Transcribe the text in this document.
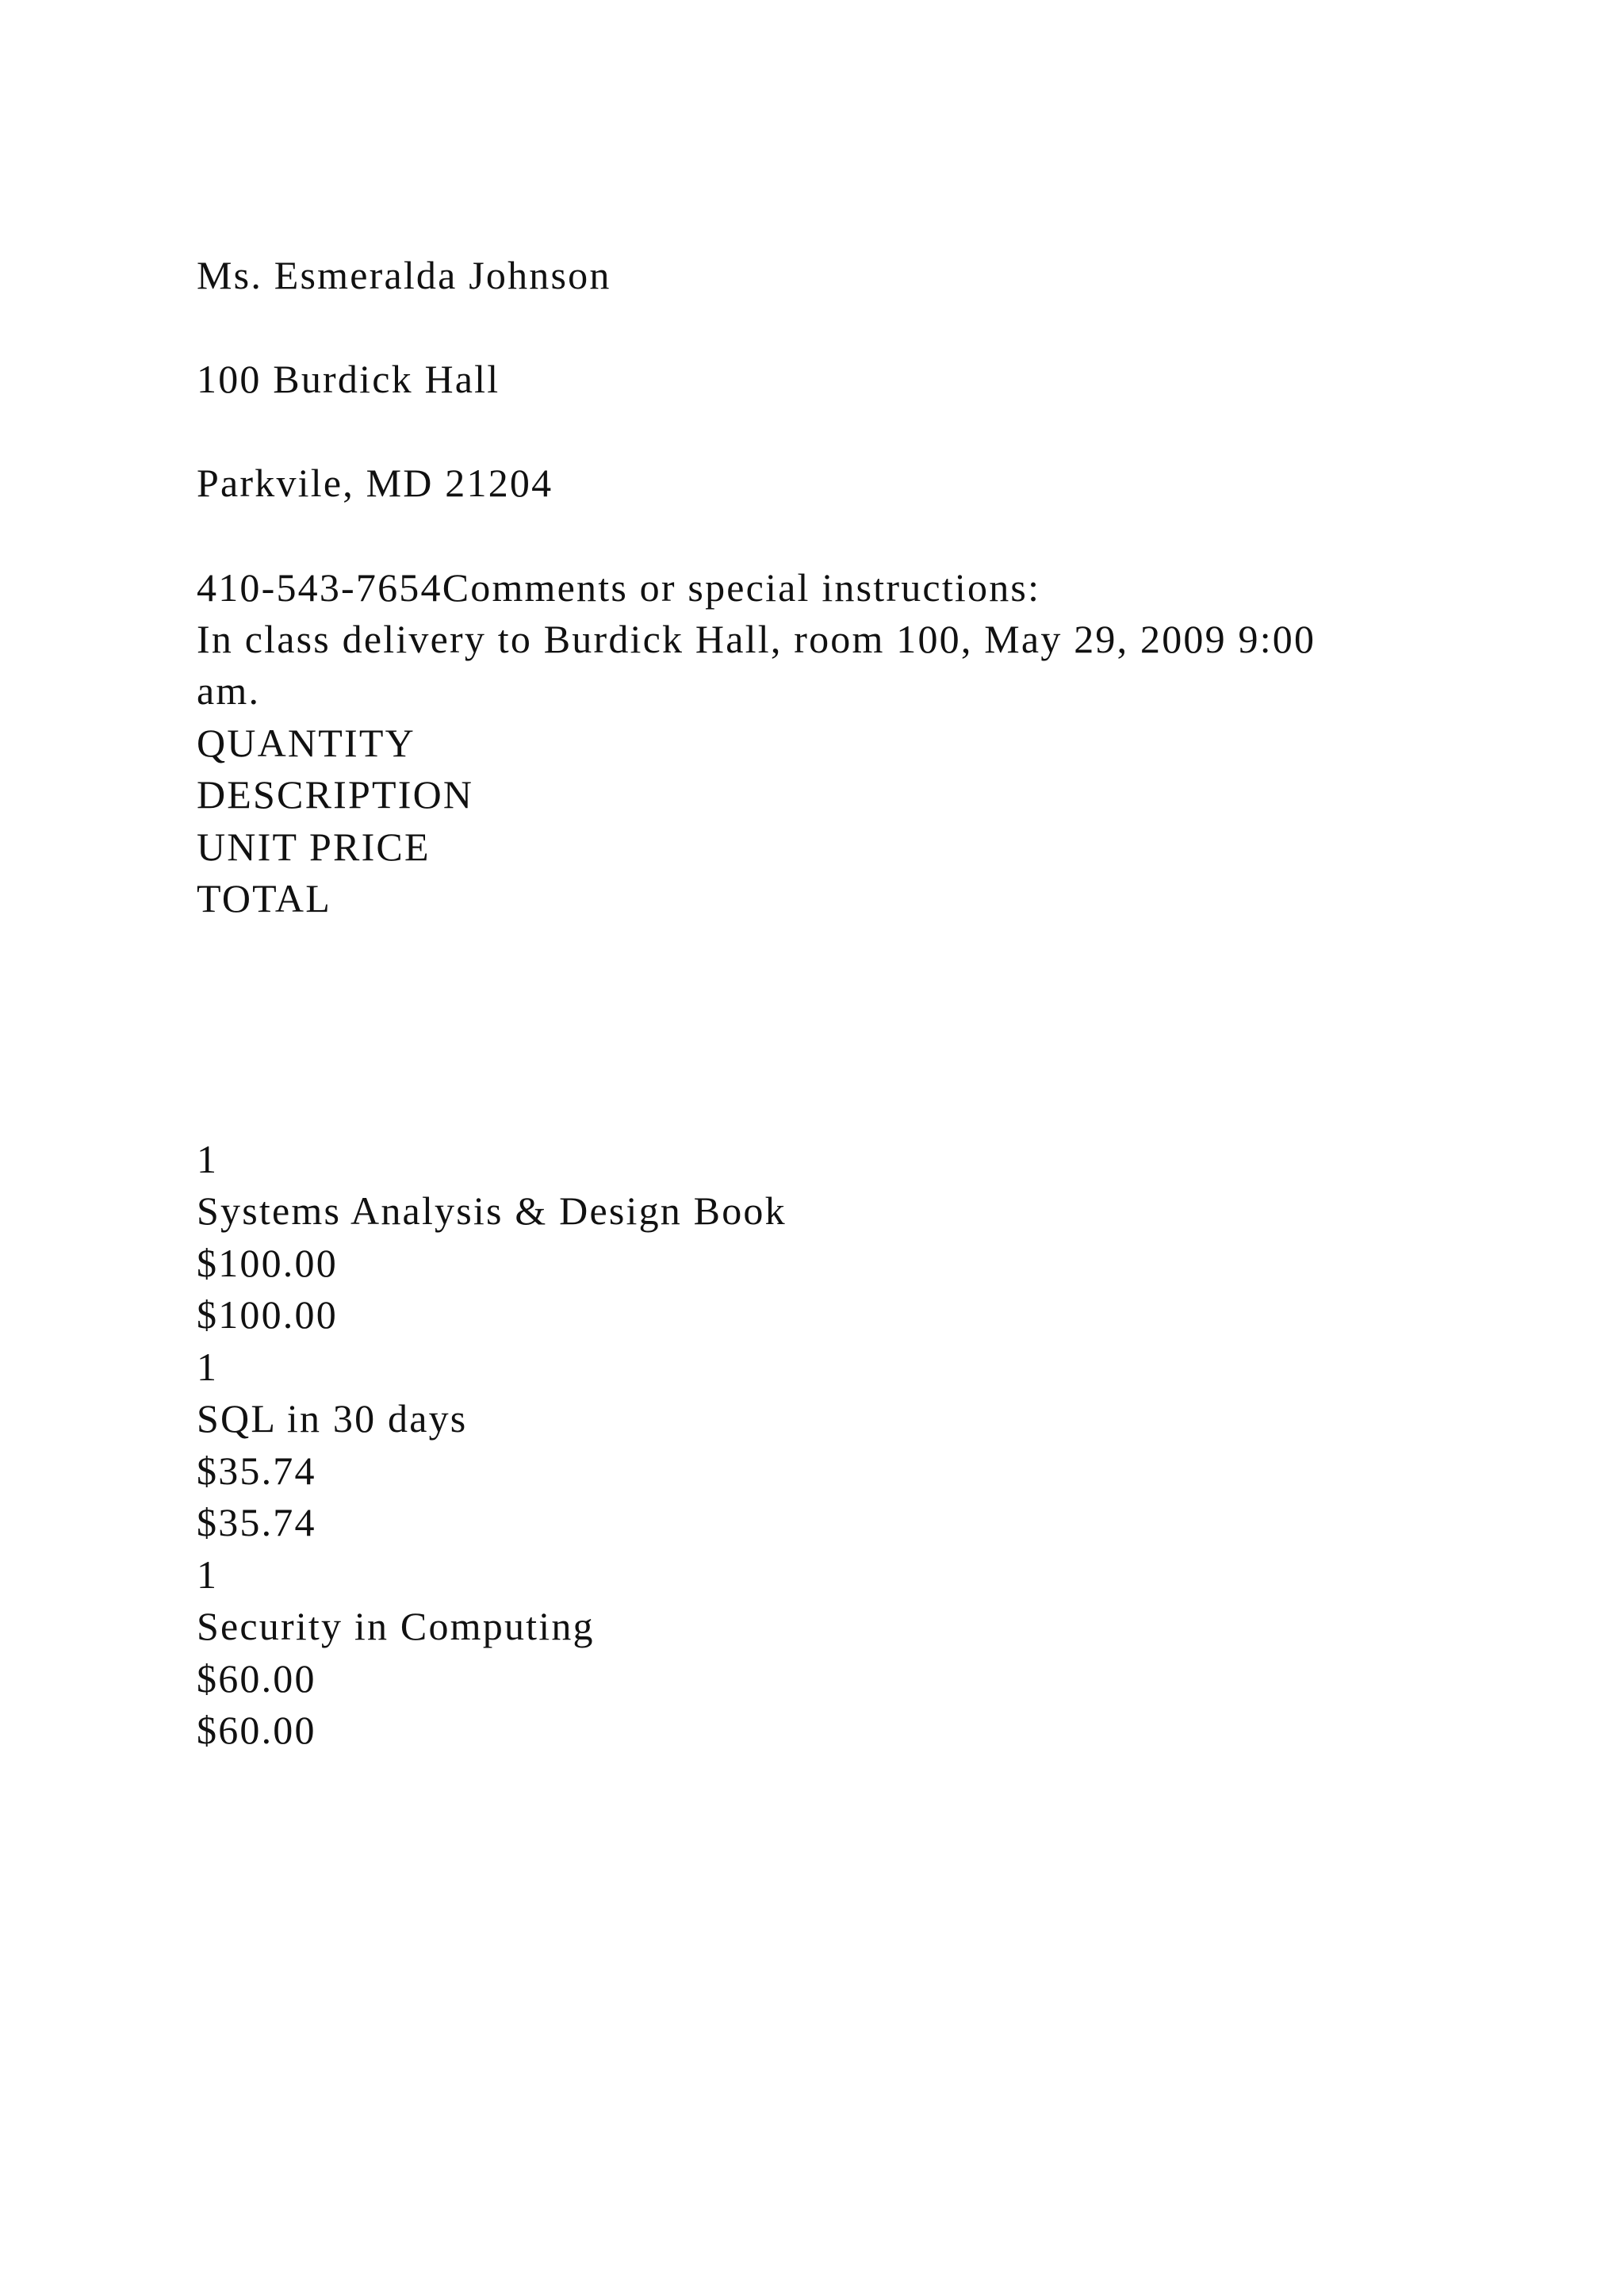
Ms. Esmeralda Johnson
100 Burdick Hall
Parkvile, MD 21204
410-543-7654Comments or special instructions:
In class delivery to Burdick Hall, room 100, May 29, 2009 9:00
am.
QUANTITY
DESCRIPTION
UNIT PRICE
TOTAL
1
Systems Analysis & Design Book
$100.00
$100.00
1
SQL in 30 days
$35.74
$35.74
1
Security in Computing
$60.00
$60.00
